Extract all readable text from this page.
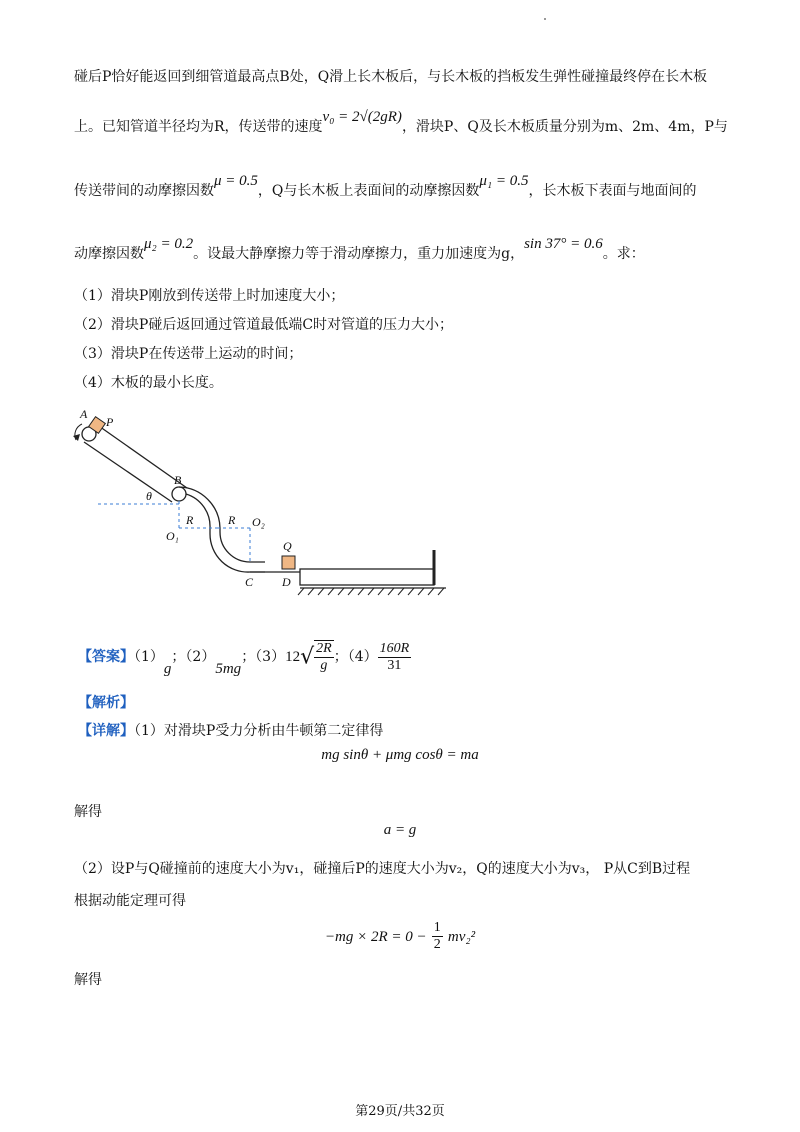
碰后P恰好能返回到细管道最高点B处，Q滑上长木板后，与长木板的挡板发生弹性碰撞最终停在长木板
上。已知管道半径均为R，传送带的速度v₀ = 2√(2gR)，滑块P、Q及长木板质量分别为m、2m、4m，P与
传送带间的动摩擦因数μ = 0.5，Q与长木板上表面间的动摩擦因数μ₁ = 0.5，长木板下表面与地面间的
动摩擦因数μ₂ = 0.2。设最大静摩擦力等于滑动摩擦力，重力加速度为g，sin 37° = 0.6。求：
（1）滑块P刚放到传送带上时加速度大小；
（2）滑块P碰后返回通过管道最低端C时对管道的压力大小；
（3）滑块P在传送带上运动的时间；
（4）木板的最小长度。
A
P
B
θ
R	R
O₁
O₂
Q
C D
【答案】（1）g；（2）5mg；$(3)12√ \frac{2R}{g}$ ；$(4) \frac{160R}{31}$
【解析】
【详解】（1）对滑块P受力分析由牛顿第二定律得
mg sinθ + μmg cosθ = ma
解得
a = g
（2）设P与Q碰撞前的速度大小为v₁，碰撞后P的速度大小为v₂，Q的速度大小为v₃， P从C到B过程
根据动能定理可得
$-mg \times 2R = 0 - \frac{1}{2} mv_2^2$
解得
第29页/共32页
